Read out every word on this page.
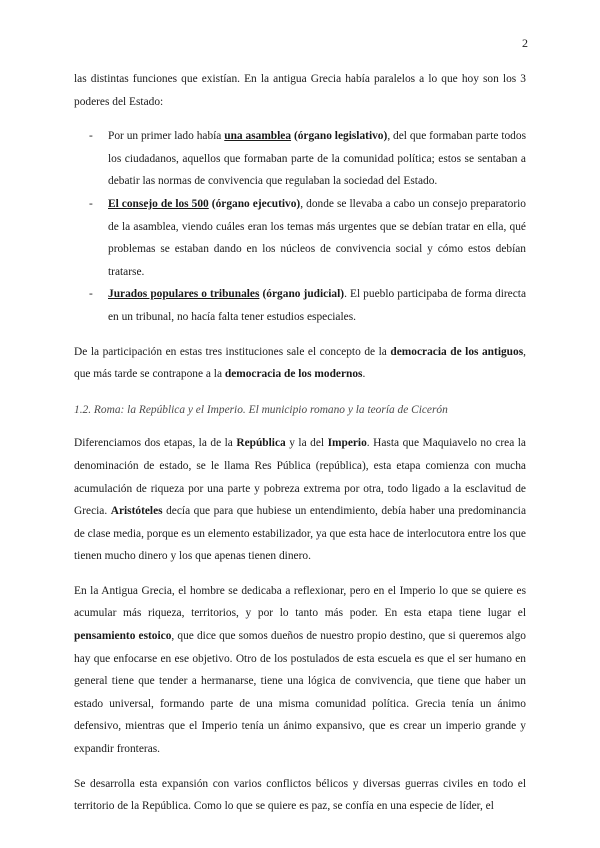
2

las distintas funciones que existían. En la antigua Grecia había paralelos a lo que hoy son los 3 poderes del Estado:

- Por un primer lado había una asamblea (órgano legislativo), del que formaban parte todos los ciudadanos, aquellos que formaban parte de la comunidad política; estos se sentaban a debatir las normas de convivencia que regulaban la sociedad del Estado.
- El consejo de los 500 (órgano ejecutivo), donde se llevaba a cabo un consejo preparatorio de la asamblea, viendo cuáles eran los temas más urgentes que se debían tratar en ella, qué problemas se estaban dando en los núcleos de convivencia social y cómo estos debían tratarse.
- Jurados populares o tribunales (órgano judicial). El pueblo participaba de forma directa en un tribunal, no hacía falta tener estudios especiales.

De la participación en estas tres instituciones sale el concepto de la democracia de los antiguos, que más tarde se contrapone a la democracia de los modernos.

1.2. Roma: la República y el Imperio. El municipio romano y la teoría de Cicerón

Diferenciamos dos etapas, la de la República y la del Imperio. Hasta que Maquiavelo no crea la denominación de estado, se le llama Res Pública (república), esta etapa comienza con mucha acumulación de riqueza por una parte y pobreza extrema por otra, todo ligado a la esclavitud de Grecia. Aristóteles decía que para que hubiese un entendimiento, debía haber una predominancia de clase media, porque es un elemento estabilizador, ya que esta hace de interlocutora entre los que tienen mucho dinero y los que apenas tienen dinero.

En la Antigua Grecia, el hombre se dedicaba a reflexionar, pero en el Imperio lo que se quiere es acumular más riqueza, territorios, y por lo tanto más poder. En esta etapa tiene lugar el pensamiento estoico, que dice que somos dueños de nuestro propio destino, que si queremos algo hay que enfocarse en ese objetivo. Otro de los postulados de esta escuela es que el ser humano en general tiene que tender a hermanarse, tiene una lógica de convivencia, que tiene que haber un estado universal, formando parte de una misma comunidad política. Grecia tenía un ánimo defensivo, mientras que el Imperio tenía un ánimo expansivo, que es crear un imperio grande y expandir fronteras.

Se desarrolla esta expansión con varios conflictos bélicos y diversas guerras civiles en todo el territorio de la República. Como lo que se quiere es paz, se confía en una especie de líder, el
